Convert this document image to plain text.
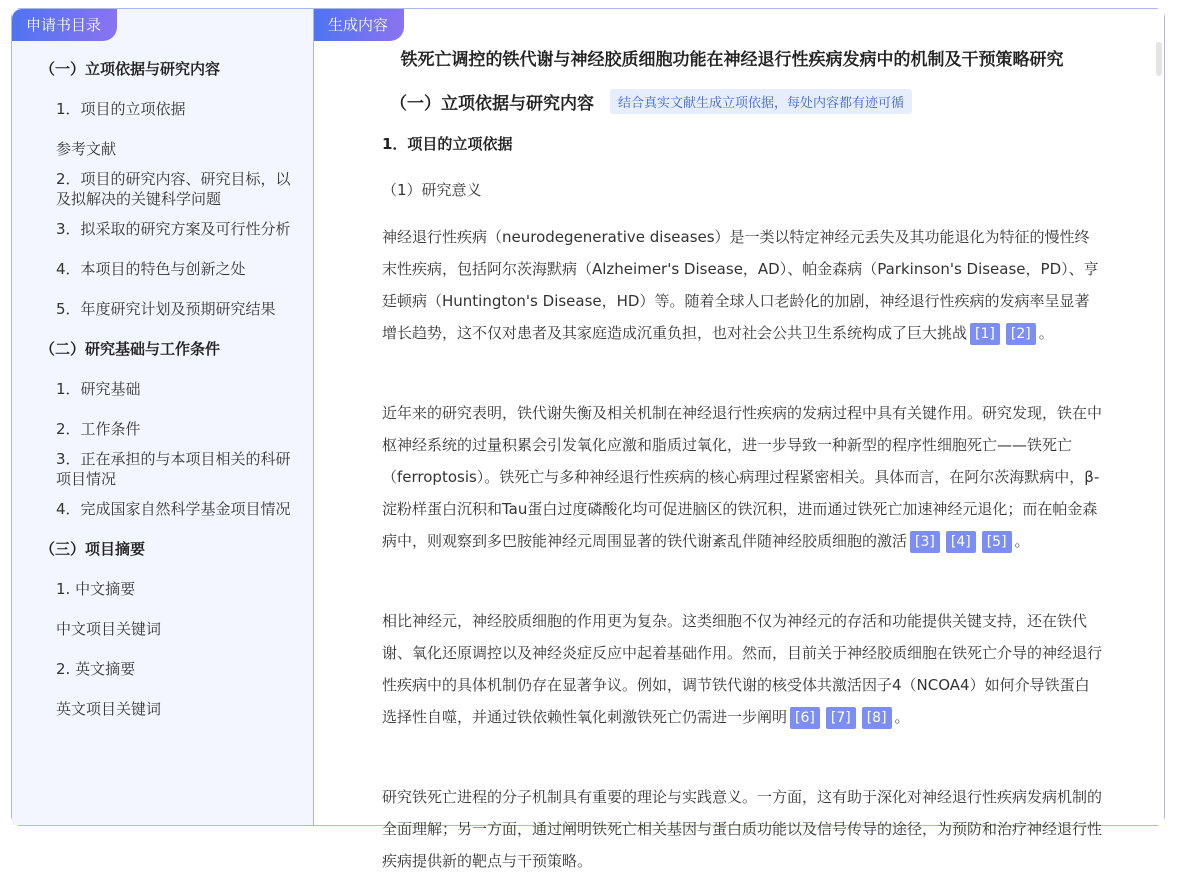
申请书目录
（一）立项依据与研究内容
1．项目的立项依据
参考文献
2．项目的研究内容、研究目标，以及拟解决的关键科学问题
3．拟采取的研究方案及可行性分析
4．本项目的特色与创新之处
5．年度研究计划及预期研究结果
（二）研究基础与工作条件
1．研究基础
2．工作条件
3．正在承担的与本项目相关的科研项目情况
4．完成国家自然科学基金项目情况
（三）项目摘要
1. 中文摘要
中文项目关键词
2. 英文摘要
英文项目关键词
生成内容
铁死亡调控的铁代谢与神经胶质细胞功能在神经退行性疾病发病中的机制及干预策略研究
（一）立项依据与研究内容	结合真实文献生成立项依据，每处内容都有迹可循
1．项目的立项依据
（1）研究意义

神经退行性疾病（neurodegenerative diseases）是一类以特定神经元丢失及其功能退化为特征的慢性终末性疾病，包括阿尔茨海默病（Alzheimer's Disease，AD）、帕金森病（Parkinson's Disease，PD）、亨廷顿病（Huntington's Disease，HD）等。随着全球人口老龄化的加剧，神经退行性疾病的发病率呈显著增长趋势，这不仅对患者及其家庭造成沉重负担，也对社会公共卫生系统构成了巨大挑战 [1] [2] 。

近年来的研究表明，铁代谢失衡及相关机制在神经退行性疾病的发病过程中具有关键作用。研究发现，铁在中枢神经系统的过量积累会引发氧化应激和脂质过氧化，进一步导致一种新型的程序性细胞死亡——铁死亡（ferroptosis）。铁死亡与多种神经退行性疾病的核心病理过程紧密相关。具体而言，在阿尔茨海默病中，β-淀粉样蛋白沉积和Tau蛋白过度磷酸化均可促进脑区的铁沉积，进而通过铁死亡加速神经元退化；而在帕金森病中，则观察到多巴胺能神经元周围显著的铁代谢紊乱伴随神经胶质细胞的激活 [3] [4] [5] 。

相比神经元，神经胶质细胞的作用更为复杂。这类细胞不仅为神经元的存活和功能提供关键支持，还在铁代谢、氧化还原调控以及神经炎症反应中起着基础作用。然而，目前关于神经胶质细胞在铁死亡介导的神经退行性疾病中的具体机制仍存在显著争议。例如，调节铁代谢的核受体共激活因子4（NCOA4）如何介导铁蛋白选择性自噬，并通过铁依赖性氧化刺激铁死亡仍需进一步阐明 [6] [7] [8] 。

研究铁死亡进程的分子机制具有重要的理论与实践意义。一方面，这有助于深化对神经退行性疾病发病机制的全面理解；另一方面，通过阐明铁死亡相关基因与蛋白质功能以及信号传导的途径，为预防和治疗神经退行性疾病提供新的靶点与干预策略。
